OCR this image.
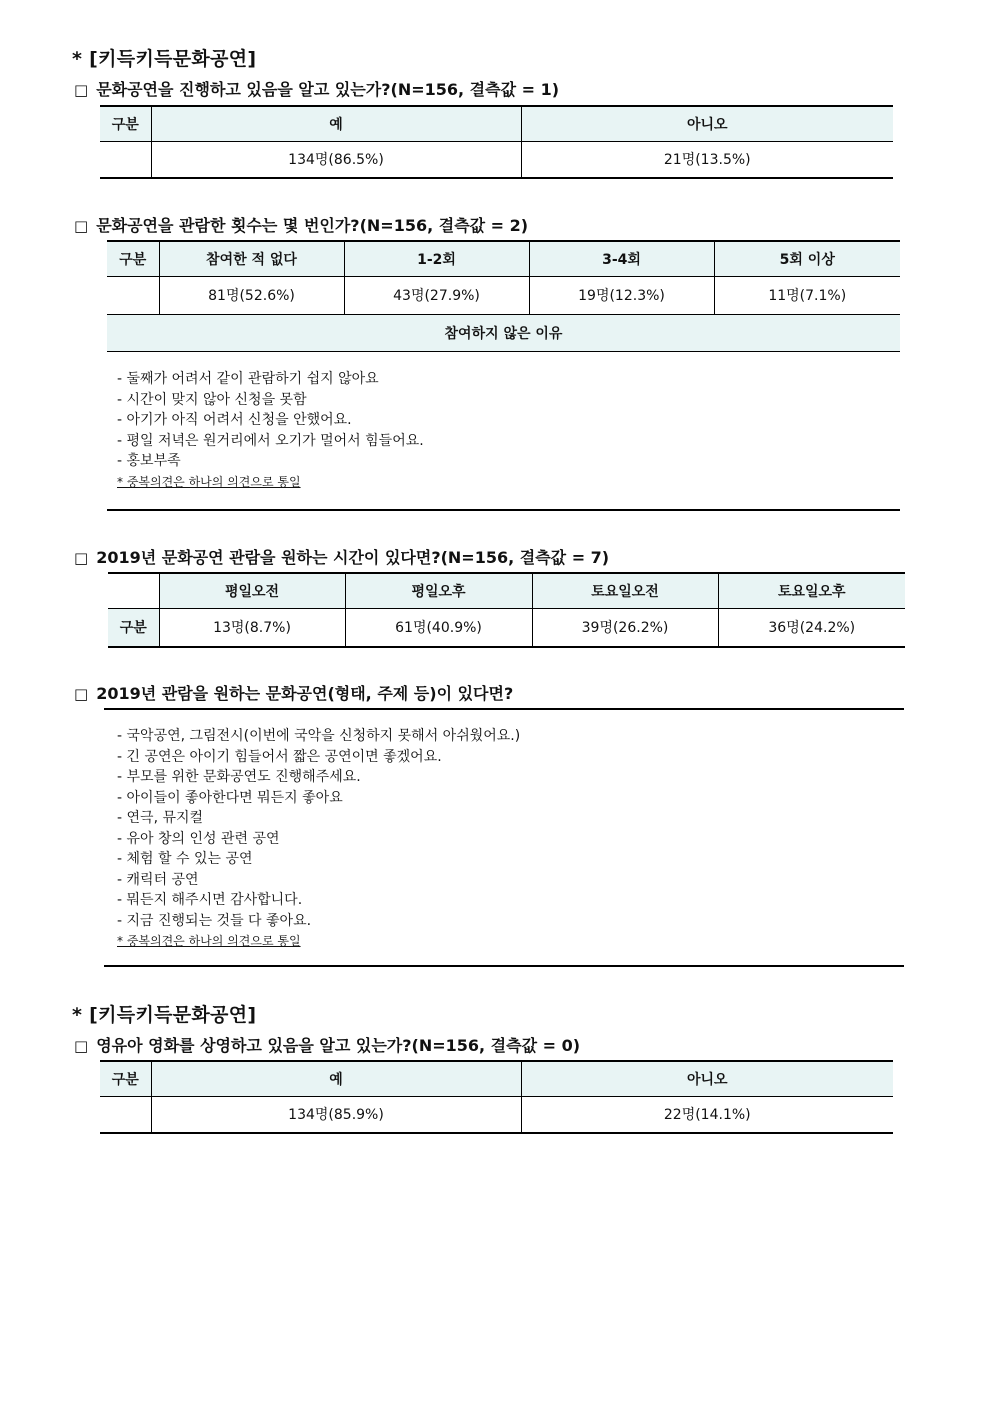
* [키득키득문화공연]
□ 문화공연을 진행하고 있음을 알고 있는가?(N=156, 결측값 = 1)
구분	예	아니오
	134명(86.5%)	21명(13.5%)
□ 문화공연을 관람한 횟수는 몇 번인가?(N=156, 결측값 = 2)
구분	참여한 적 없다	1-2회	3-4회	5회 이상
	81명(52.6%)	43명(27.9%)	19명(12.3%)	11명(7.1%)
참여하지 않은 이유				
- 둘째가 어려서 같이 관람하기 쉽지 않아요
- 시간이 맞지 않아 신청을 못함
- 아기가 아직 어려서 신청을 안했어요.
- 평일 저녁은 원거리에서 오기가 멀어서 힘들어요.
- 홍보부족
* 중복의견은 하나의 의견으로 통일
□ 2019년 문화공연 관람을 원하는 시간이 있다면?(N=156, 결측값 = 7)
	평일오전	평일오후	토요일오전	토요일오후
구분	13명(8.7%)	61명(40.9%)	39명(26.2%)	36명(24.2%)
□ 2019년 관람을 원하는 문화공연(형태, 주제 등)이 있다면?
- 국악공연, 그림전시(이번에 국악을 신청하지 못해서 아쉬웠어요.)
- 긴 공연은 아이기 힘들어서 짧은 공연이면 좋겠어요.
- 부모를 위한 문화공연도 진행해주세요.
- 아이들이 좋아한다면 뭐든지 좋아요
- 연극, 뮤지컬
- 유아 창의 인성 관련 공연
- 체험 할 수 있는 공연
- 캐릭터 공연
- 뭐든지 해주시면 감사합니다.
- 지금 진행되는 것들 다 좋아요.
* 중복의견은 하나의 의견으로 통일
* [키득키득문화공연]
□ 영유아 영화를 상영하고 있음을 알고 있는가?(N=156, 결측값 = 0)
구분	예	아니오
	134명(85.9%)	22명(14.1%)
